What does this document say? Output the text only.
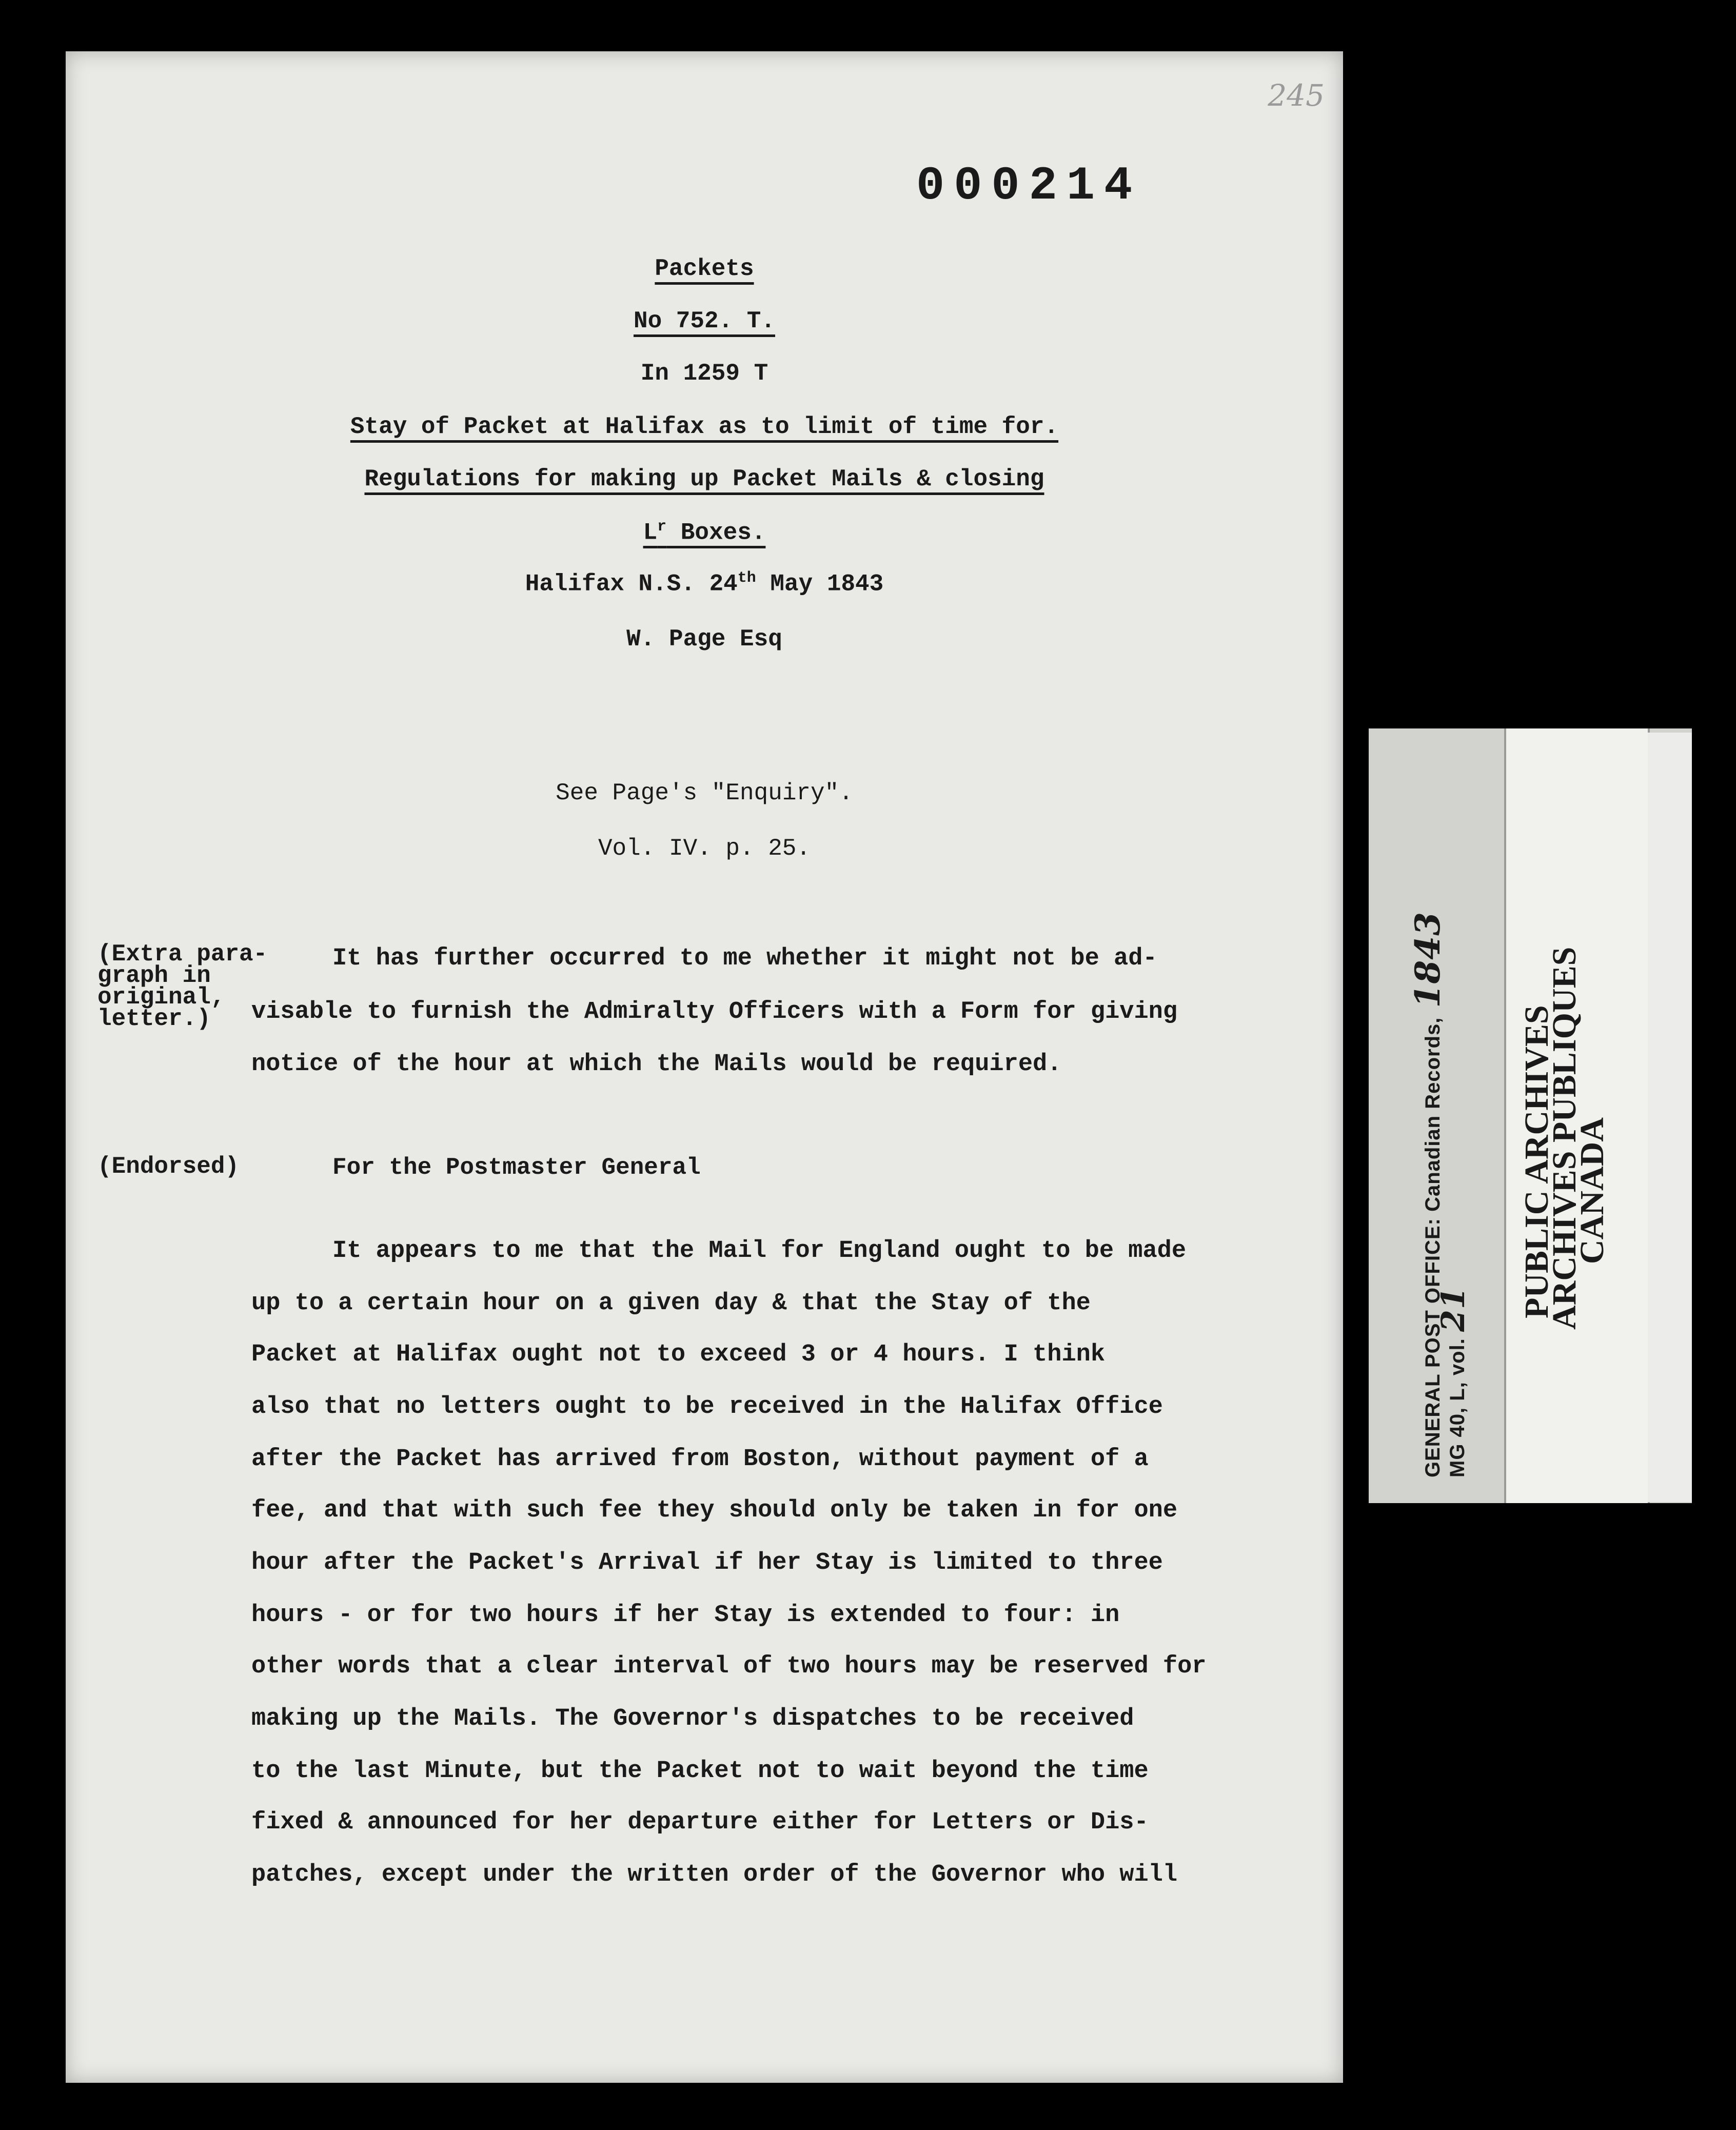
245
000214
Packets
No 752. T.
In 1259 T
Stay of Packet at Halifax as to limit of time for.
Regulations for making up Packet Mails & closing
$L^r$ Boxes.
Halifax N.S. 24th May 1843
W. Page Esq
See Page's "Enquiry".
Vol. IV. p. 25.
(Extra para-
graph in
original,
letter.)
It has further occurred to me whether it might not be ad-
visable to furnish the Admiralty Officers with a Form for giving
notice of the hour at which the Mails would be required.
(Endorsed)	For the Postmaster General
It appears to me that the Mail for England ought to be made
up to a certain hour on a given day & that the Stay of the
Packet at Halifax ought not to exceed 3 or 4 hours. I think
also that no letters ought to be received in the Halifax Office
after the Packet has arrived from Boston, without payment of a
fee, and that with such fee they should only be taken in for one
hour after the Packet's Arrival if her Stay is limited to three
hours - or for two hours if her Stay is extended to four: in
other words that a clear interval of two hours may be reserved for
making up the Mails. The Governor's dispatches to be received
to the last Minute, but the Packet not to wait beyond the time
fixed & announced for her departure either for Letters or Dis-
patches, except under the written order of the Governor who will
GENERAL POST OFFICE: Canadian Records,1843
MG 40, L, vol.21 PUBLIC ARCHIVES
ARCHIVES PUBLIQUES
CANADA
